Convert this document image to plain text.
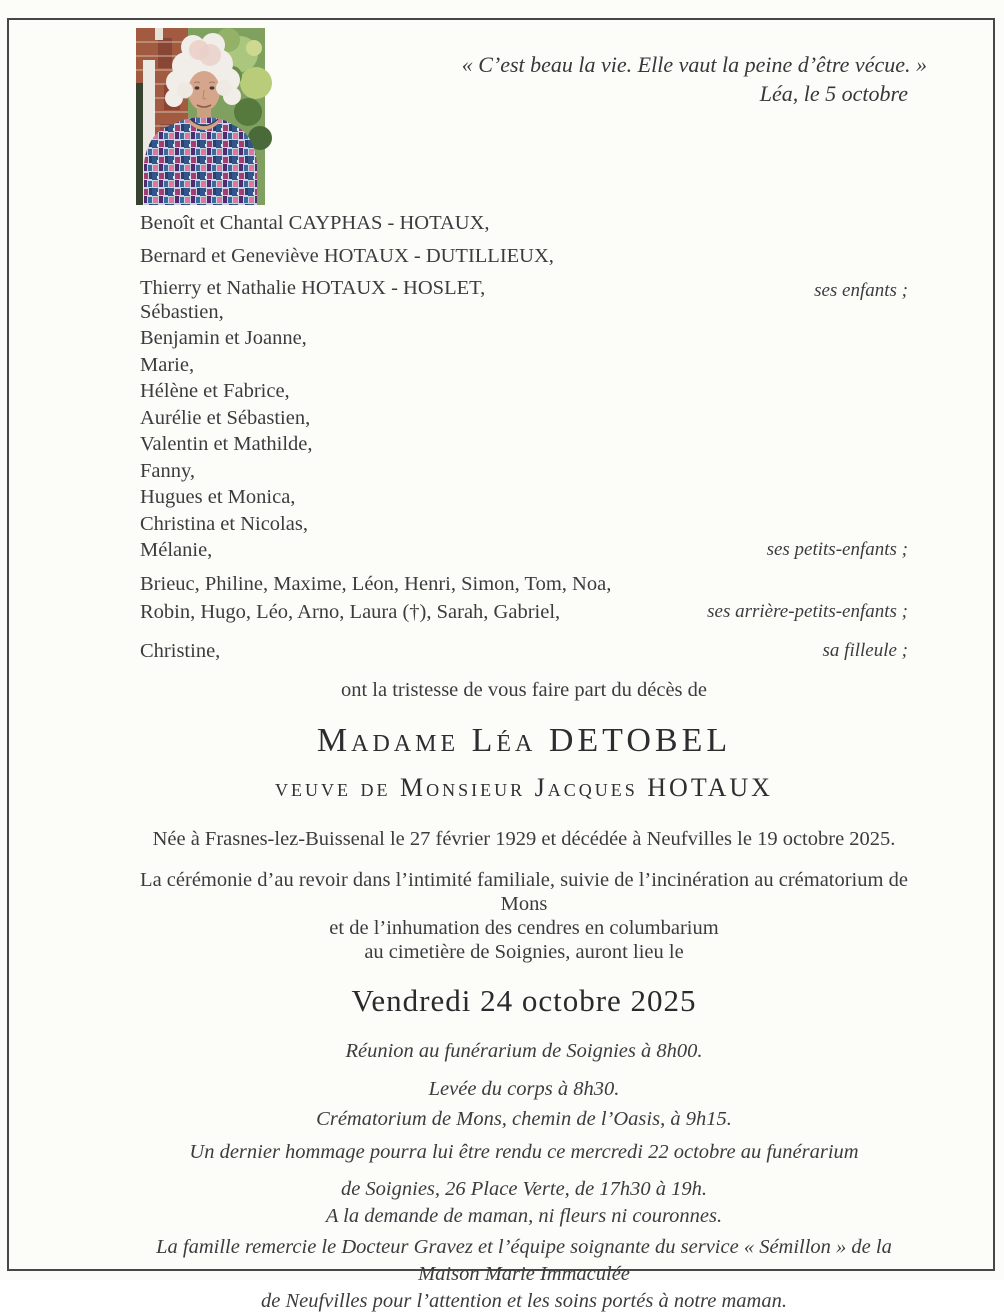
« C’est beau la vie. Elle vaut la peine d’être vécue. »
Léa, le 5 octobre
Benoît et Chantal CAYPHAS - HOTAUX,
Bernard et Geneviève HOTAUX - DUTILLIEUX,
Thierry et Nathalie HOTAUX - HOSLET,	ses enfants ;
Sébastien,
Benjamin et Joanne,
Marie,
Hélène et Fabrice,
Aurélie et Sébastien,
Valentin et Mathilde,
Fanny,
Hugues et Monica,
Christina et Nicolas,
Mélanie,	ses petits-enfants ;
Brieuc, Philine, Maxime, Léon, Henri, Simon, Tom, Noa,
Robin, Hugo, Léo, Arno, Laura (†), Sarah, Gabriel,	ses arrière-petits-enfants ;
Christine,	sa filleule ;
ont la tristesse de vous faire part du décès de
Madame Léa DETOBEL
veuve de Monsieur Jacques HOTAUX
Née à Frasnes-lez-Buissenal le 27 février 1929 et décédée à Neufvilles le 19 octobre 2025.
La cérémonie d’au revoir dans l’intimité familiale, suivie de l’incinération au crématorium de Mons
et de l’inhumation des cendres en columbarium
au cimetière de Soignies, auront lieu le
Vendredi 24 octobre 2025
Réunion au funérarium de Soignies à 8h00.
Levée du corps à 8h30.
Crématorium de Mons, chemin de l’Oasis, à 9h15.
Un dernier hommage pourra lui être rendu ce mercredi 22 octobre au funérarium
de Soignies, 26 Place Verte, de 17h30 à 19h.
A la demande de maman, ni fleurs ni couronnes.
La famille remercie le Docteur Gravez et l’équipe soignante du service « Sémillon » de la Maison Marie Immaculée
de Neufvilles pour l’attention et les soins portés à notre maman.
